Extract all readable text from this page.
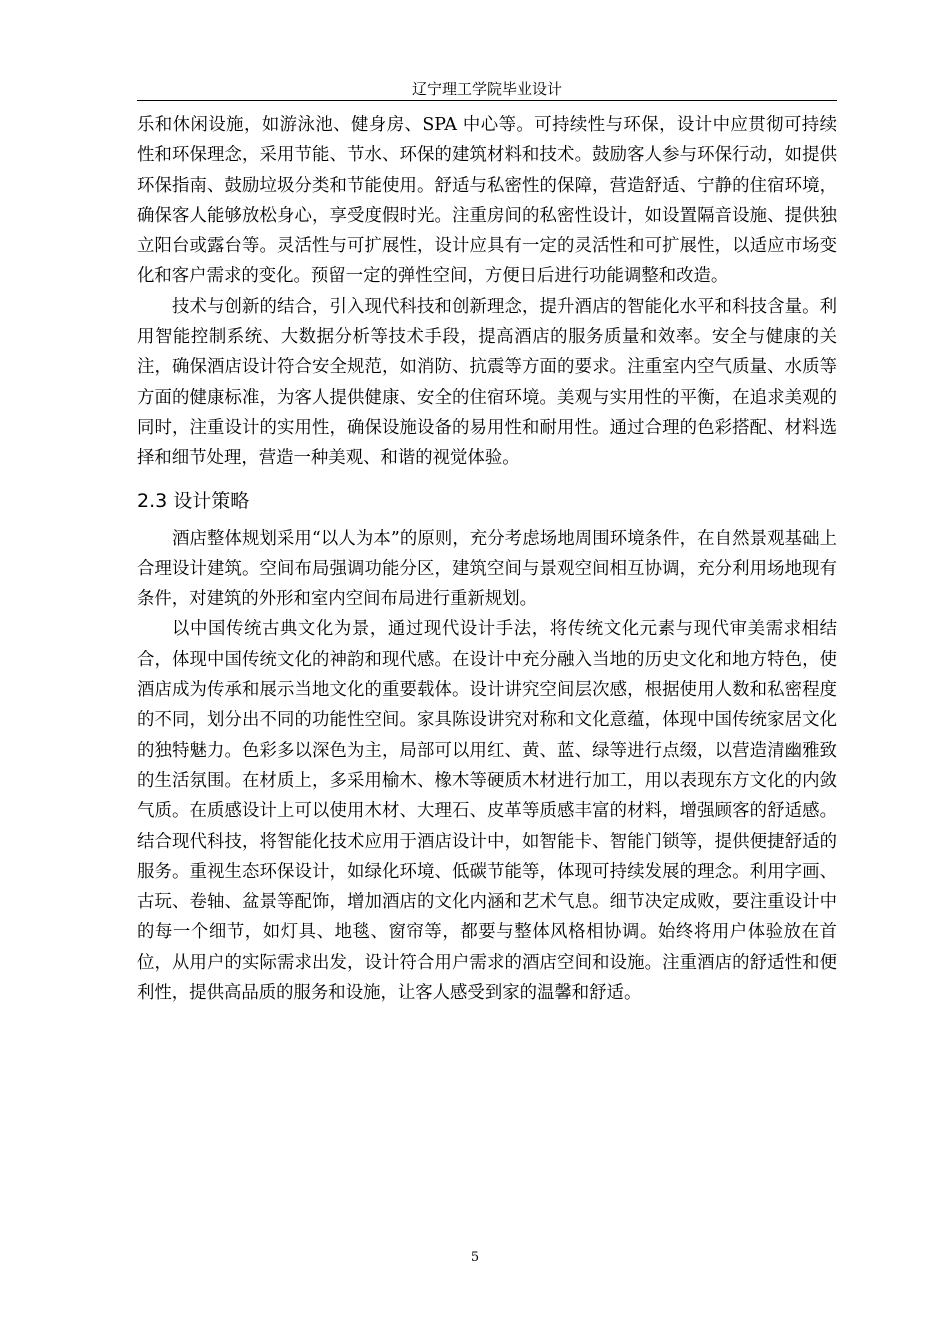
辽宁理工学院毕业设计

乐和休闲设施，如游泳池、健身房、SPA 中心等。可持续性与环保，设计中应贯彻可持续性和环保理念，采用节能、节水、环保的建筑材料和技术。鼓励客人参与环保行动，如提供环保指南、鼓励垃圾分类和节能使用。舒适与私密性的保障，营造舒适、宁静的住宿环境，确保客人能够放松身心，享受度假时光。注重房间的私密性设计，如设置隔音设施、提供独立阳台或露台等。灵活性与可扩展性，设计应具有一定的灵活性和可扩展性，以适应市场变化和客户需求的变化。预留一定的弹性空间，方便日后进行功能调整和改造。

技术与创新的结合，引入现代科技和创新理念，提升酒店的智能化水平和科技含量。利用智能控制系统、大数据分析等技术手段，提高酒店的服务质量和效率。安全与健康的关注，确保酒店设计符合安全规范，如消防、抗震等方面的要求。注重室内空气质量、水质等方面的健康标准，为客人提供健康、安全的住宿环境。美观与实用性的平衡，在追求美观的同时，注重设计的实用性，确保设施设备的易用性和耐用性。通过合理的色彩搭配、材料选择和细节处理，营造一种美观、和谐的视觉体验。

2.3 设计策略

酒店整体规划采用“以人为本”的原则，充分考虑场地周围环境条件，在自然景观基础上合理设计建筑。空间布局强调功能分区，建筑空间与景观空间相互协调，充分利用场地现有条件，对建筑的外形和室内空间布局进行重新规划。

以中国传统古典文化为景，通过现代设计手法，将传统文化元素与现代审美需求相结合，体现中国传统文化的神韵和现代感。在设计中充分融入当地的历史文化和地方特色，使酒店成为传承和展示当地文化的重要载体。设计讲究空间层次感，根据使用人数和私密程度的不同，划分出不同的功能性空间。家具陈设讲究对称和文化意蕴，体现中国传统家居文化的独特魅力。色彩多以深色为主，局部可以用红、黄、蓝、绿等进行点缀，以营造清幽雅致的生活氛围。在材质上，多采用榆木、橡木等硬质木材进行加工，用以表现东方文化的内敛气质。在质感设计上可以使用木材、大理石、皮革等质感丰富的材料，增强顾客的舒适感。结合现代科技，将智能化技术应用于酒店设计中，如智能卡、智能门锁等，提供便捷舒适的服务。重视生态环保设计，如绿化环境、低碳节能等，体现可持续发展的理念。利用字画、古玩、卷轴、盆景等配饰，增加酒店的文化内涵和艺术气息。细节决定成败，要注重设计中的每一个细节，如灯具、地毯、窗帘等，都要与整体风格相协调。始终将用户体验放在首位，从用户的实际需求出发，设计符合用户需求的酒店空间和设施。注重酒店的舒适性和便利性，提供高品质的服务和设施，让客人感受到家的温馨和舒适。

5
